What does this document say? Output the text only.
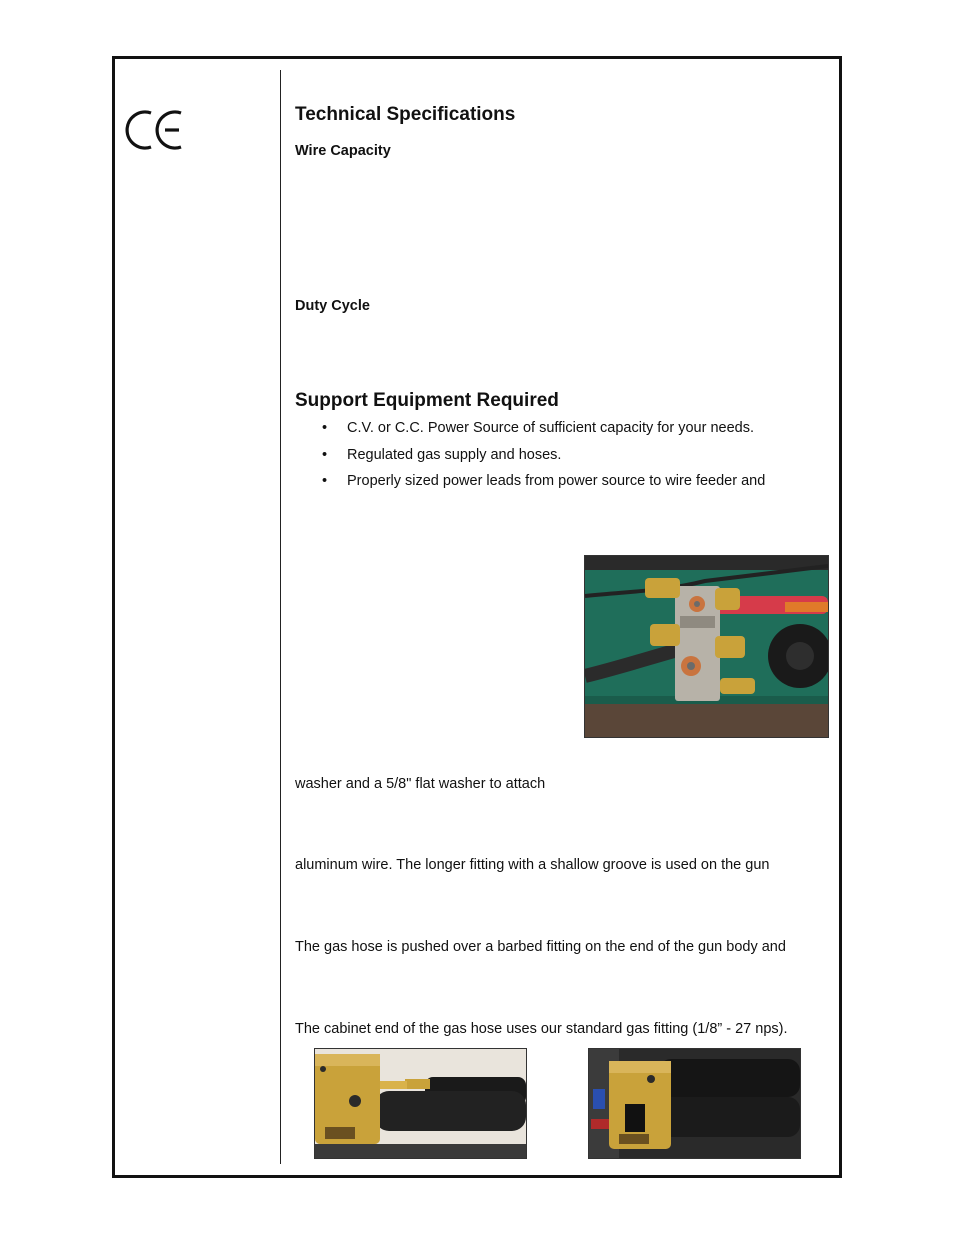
Technical Specifications
Wire Capacity
Duty Cycle
Support Equipment Required
• C.V. or C.C. Power Source of sufficient capacity for your needs.
• Regulated gas supply and hoses.
• Properly sized power leads from power source to wire feeder and
washer and a 5/8" flat washer to attach
aluminum wire. The longer fitting with a shallow groove is used on the gun
The gas hose is pushed over a barbed fitting on the end of the gun body and
The cabinet end of the gas hose uses our standard gas fitting (1/8” - 27 nps).
